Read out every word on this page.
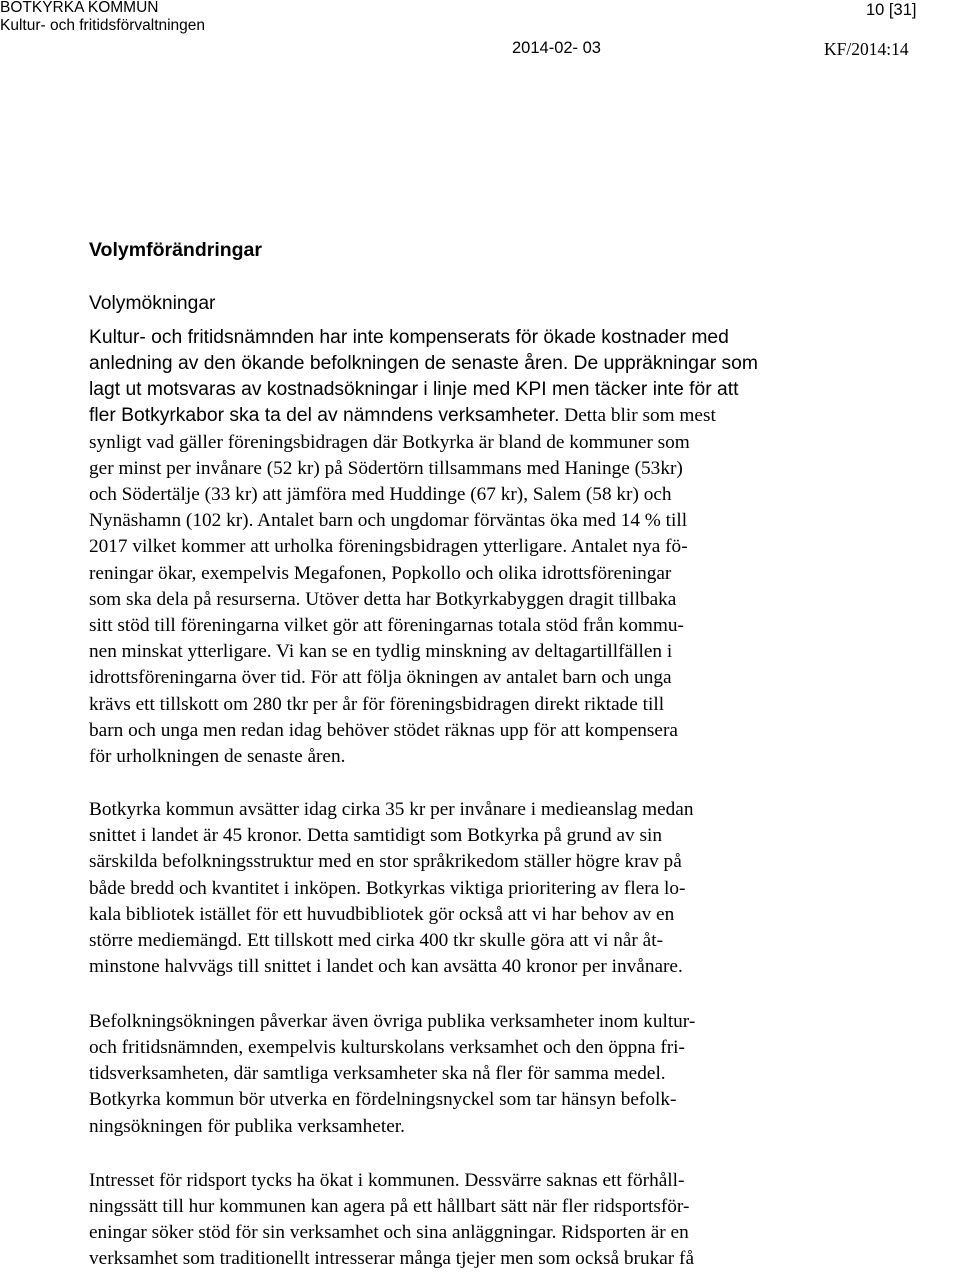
BOTKYRKA KOMMUN
Kultur- och fritidsförvaltningen
10 [31]
2014-02- 03	KF/2014:14
Volymförändringar
Volymökningar
Kultur- och fritidsnämnden har inte kompenserats för ökade kostnader med
anledning av den ökande befolkningen de senaste åren. De uppräkningar som
lagt ut motsvaras av kostnadsökningar i linje med KPI men täcker inte för att
fler Botkyrkabor ska ta del av nämndens verksamheter. Detta blir som mest
synligt vad gäller föreningsbidragen där Botkyrka är bland de kommuner som
ger minst per invånare (52 kr) på Södertörn tillsammans med Haninge (53kr)
och Södertälje (33 kr) att jämföra med Huddinge (67 kr), Salem (58 kr) och
Nynäshamn (102 kr). Antalet barn och ungdomar förväntas öka med 14 % till
2017 vilket kommer att urholka föreningsbidragen ytterligare. Antalet nya fö-
reningar ökar, exempelvis Megafonen, Popkollo och olika idrottsföreningar
som ska dela på resurserna. Utöver detta har Botkyrkabyggen dragit tillbaka
sitt stöd till föreningarna vilket gör att föreningarnas totala stöd från kommu-
nen minskat ytterligare. Vi kan se en tydlig minskning av deltagartillfällen i
idrottsföreningarna över tid. För att följa ökningen av antalet barn och unga
krävs ett tillskott om 280 tkr per år för föreningsbidragen direkt riktade till
barn och unga men redan idag behöver stödet räknas upp för att kompensera
för urholkningen de senaste åren.
Botkyrka kommun avsätter idag cirka 35 kr per invånare i medieanslag medan
snittet i landet är 45 kronor. Detta samtidigt som Botkyrka på grund av sin
särskilda befolkningsstruktur med en stor språkrikedom ställer högre krav på
både bredd och kvantitet i inköpen. Botkyrkas viktiga prioritering av flera lo-
kala bibliotek istället för ett huvudbibliotek gör också att vi har behov av en
större mediemängd. Ett tillskott med cirka 400 tkr skulle göra att vi når åt-
minstone halvvägs till snittet i landet och kan avsätta 40 kronor per invånare.
Befolkningsökningen påverkar även övriga publika verksamheter inom kultur-
och fritidsnämnden, exempelvis kulturskolans verksamhet och den öppna fri-
tidsverksamheten, där samtliga verksamheter ska nå fler för samma medel.
Botkyrka kommun bör utverka en fördelningsnyckel som tar hänsyn befolk-
ningsökningen för publika verksamheter.
Intresset för ridsport tycks ha ökat i kommunen. Dessvärre saknas ett förhåll-
ningssätt till hur kommunen kan agera på ett hållbart sätt när fler ridsportsför-
eningar söker stöd för sin verksamhet och sina anläggningar. Ridsporten är en
verksamhet som traditionellt intresserar många tjejer men som också brukar få
